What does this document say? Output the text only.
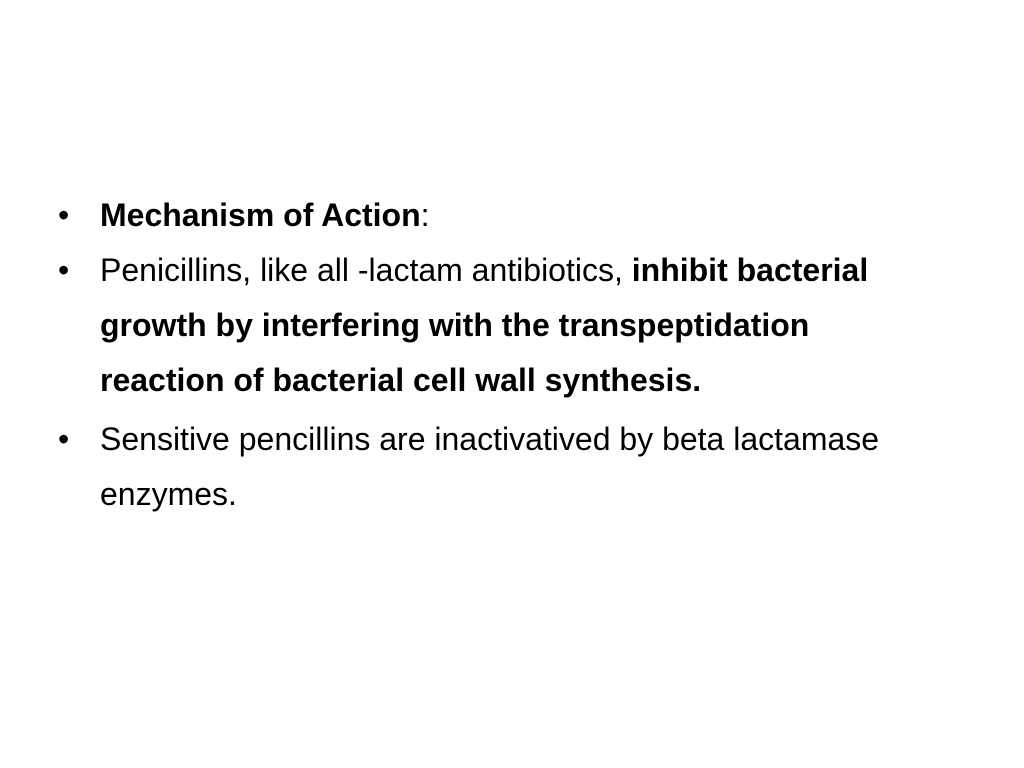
• Mechanism of Action:
• Penicillins, like all -lactam antibiotics, inhibit bacterial growth by interfering with the transpeptidation reaction of bacterial cell wall synthesis.
• Sensitive pencillins are inactivatived by beta lactamase enzymes.
